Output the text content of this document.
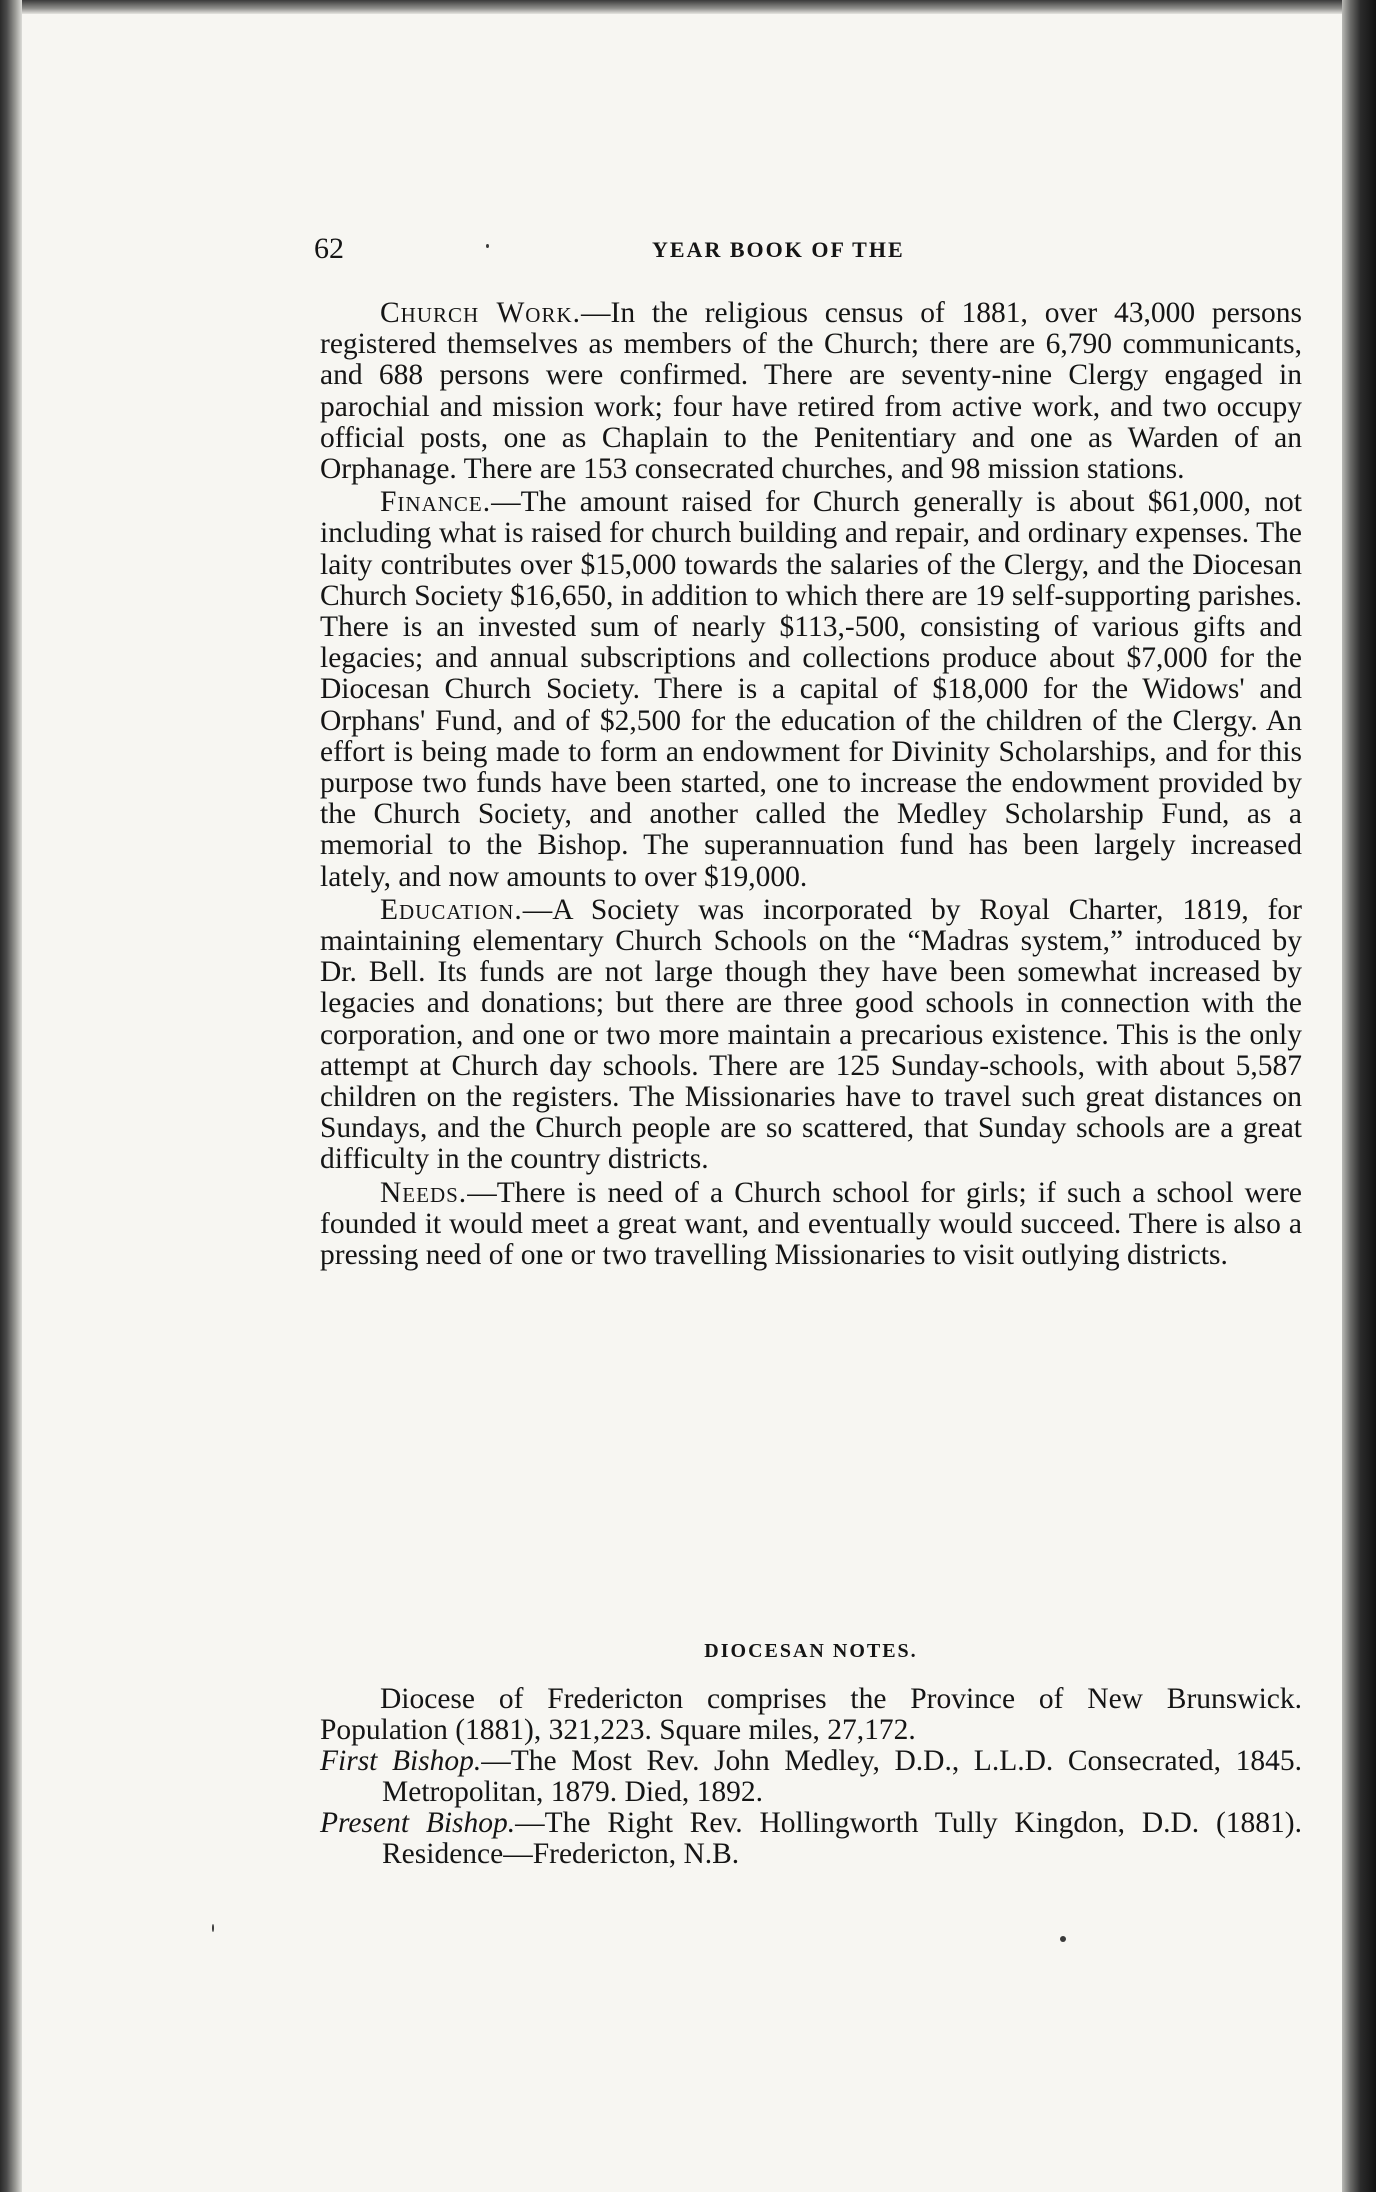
62	YEAR BOOK OF THE

Church Work.—In the religious census of 1881, over 43,000 persons registered themselves as members of the Church; there are 6,790 communicants, and 688 persons were confirmed. There are seventy-nine Clergy engaged in parochial and mission work; four have retired from active work, and two occupy official posts, one as Chaplain to the Penitentiary and one as Warden of an Orphanage. There are 153 consecrated churches, and 98 mission stations.

Finance.—The amount raised for Church generally is about $61,000, not including what is raised for church building and repair, and ordinary expenses. The laity contributes over $15,000 towards the salaries of the Clergy, and the Diocesan Church Society $16,650, in addition to which there are 19 self-supporting parishes. There is an invested sum of nearly $113,-500, consisting of various gifts and legacies; and annual subscriptions and collections produce about $7,000 for the Diocesan Church Society. There is a capital of $18,000 for the Widows' and Orphans' Fund, and of $2,500 for the education of the children of the Clergy. An effort is being made to form an endowment for Divinity Scholarships, and for this purpose two funds have been started, one to increase the endowment provided by the Church Society, and another called the Medley Scholarship Fund, as a memorial to the Bishop. The superannuation fund has been largely increased lately, and now amounts to over $19,000.

Education.—A Society was incorporated by Royal Charter, 1819, for maintaining elementary Church Schools on the “Madras system,” introduced by Dr. Bell. Its funds are not large though they have been somewhat increased by legacies and donations; but there are three good schools in connection with the corporation, and one or two more maintain a precarious existence. This is the only attempt at Church day schools. There are 125 Sunday-schools, with about 5,587 children on the registers. The Missionaries have to travel such great distances on Sundays, and the Church people are so scattered, that Sunday schools are a great difficulty in the country districts.

Needs.—There is need of a Church school for girls; if such a school were founded it would meet a great want, and eventually would succeed. There is also a pressing need of one or two travelling Missionaries to visit outlying districts.

DIOCESAN NOTES.

Diocese of Fredericton comprises the Province of New Brunswick. Population (1881), 321,223. Square miles, 27,172.

First Bishop.—The Most Rev. John Medley, D.D., L.L.D. Consecrated, 1845. Metropolitan, 1879. Died, 1892.

Present Bishop.—The Right Rev. Hollingworth Tully Kingdon, D.D. (1881). Residence—Fredericton, N.B.
